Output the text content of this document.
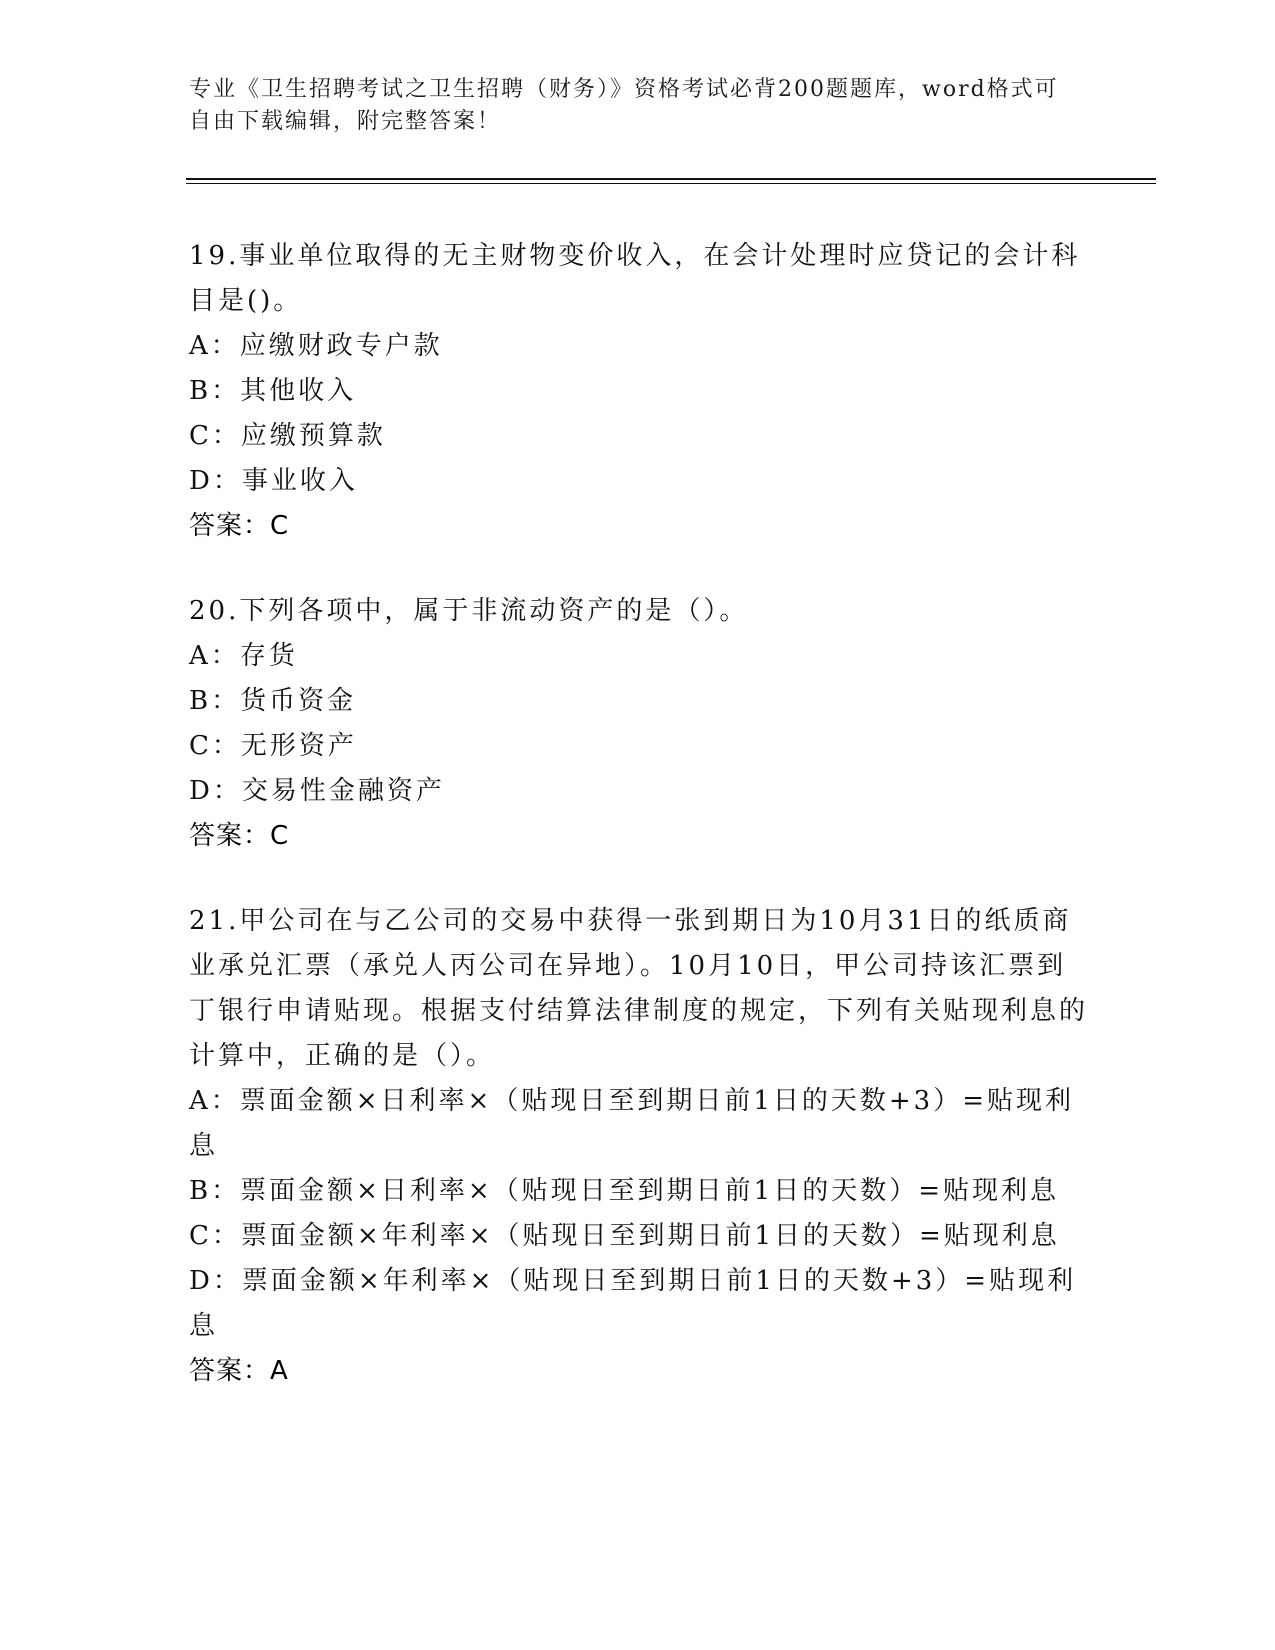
专业《卫生招聘考试之卫生招聘（财务）》资格考试必背200题题库，word格式可自由下载编辑，附完整答案！
19.事业单位取得的无主财物变价收入，在会计处理时应贷记的会计科目是()。
A：应缴财政专户款
B：其他收入
C：应缴预算款
D：事业收入
答案：C
20.下列各项中，属于非流动资产的是（）。
A：存货
B：货币资金
C：无形资产
D：交易性金融资产
答案：C
21.甲公司在与乙公司的交易中获得一张到期日为10月31日的纸质商业承兑汇票（承兑人丙公司在异地）。10月10日，甲公司持该汇票到丁银行申请贴现。根据支付结算法律制度的规定，下列有关贴现利息的计算中，正确的是（）。
A：票面金额×日利率×（贴现日至到期日前1日的天数+3）=贴现利息
B：票面金额×日利率×（贴现日至到期日前1日的天数）=贴现利息
C：票面金额×年利率×（贴现日至到期日前1日的天数）=贴现利息
D：票面金额×年利率×（贴现日至到期日前1日的天数+3）=贴现利息
答案：A
